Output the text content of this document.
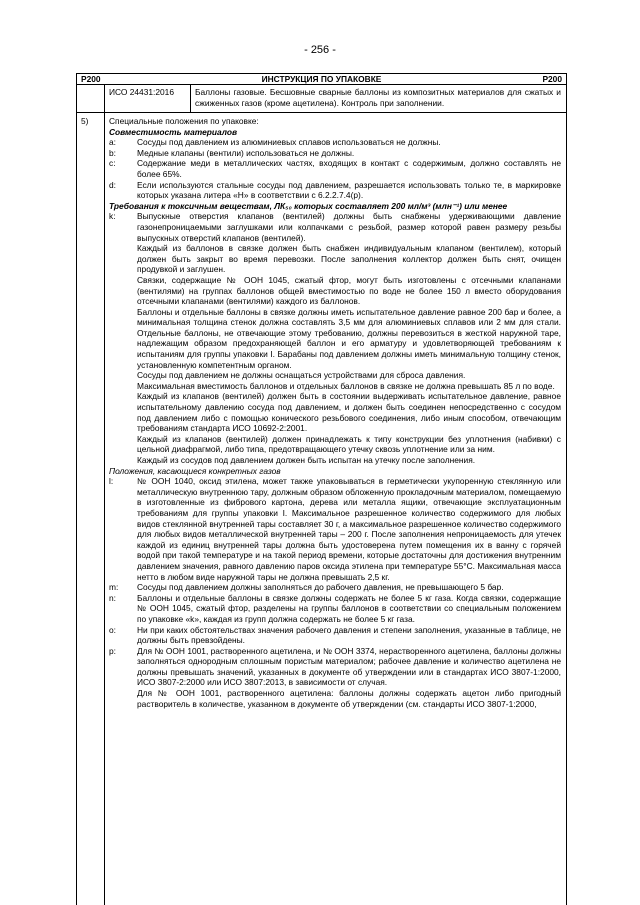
- 256 -
P200	ИНСТРУКЦИЯ ПО УПАКОВКЕ	P200
ИСО 24431:2016	Баллоны газовые. Бесшовные сварные баллоны из композитных материалов для сжатых и сжиженных газов (кроме ацетилена). Контроль при заполнении.
5) Специальные положения по упаковке:

Совместимость материалов

a:	Сосуды под давлением из алюминиевых сплавов использоваться не должны.
b:	Медные клапаны (вентили) использоваться не должны.
c:	Содержание меди в металлических частях, входящих в контакт с содержимым, должно составлять не более 65%.
d:	Если используются стальные сосуды под давлением, разрешается использовать только те, в маркировке которых указана литера «H» в соответствии с 6.2.2.7.4(p).

Требования к токсичным веществам, ЛК₅₀ которых составляет 200 мл/м³ (млн⁻¹) или менее

k:	Выпускные отверстия клапанов (вентилей) должны быть снабжены удерживающими давление газонепроницаемыми заглушками или колпачками с резьбой, размер которой равен размеру резьбы выпускных отверстий клапанов (вентилей).

Каждый из баллонов в связке должен быть снабжен индивидуальным клапаном (вентилем), который должен быть закрыт во время перевозки. После заполнения коллектор должен быть снят, очищен продувкой и заглушен.

Связки, содержащие № ООН 1045, сжатый фтор, могут быть изготовлены с отсечными клапанами (вентилями) на группах баллонов общей вместимостью по воде не более 150 л вместо оборудования отсечными клапанами (вентилями) каждого из баллонов.

Баллоны и отдельные баллоны в связке должны иметь испытательное давление равное 200 бар и более, а минимальная толщина стенок должна составлять 3,5 мм для алюминиевых сплавов или 2 мм для стали. Отдельные баллоны, не отвечающие этому требованию, должны перевозиться в жесткой наружной таре, надлежащим образом предохраняющей баллон и его арматуру и удовлетворяющей требованиям к испытаниям для группы упаковки I. Барабаны под давлением должны иметь минимальную толщину стенок, установленную компетентным органом.

Сосуды под давлением не должны оснащаться устройствами для сброса давления.

Максимальная вместимость баллонов и отдельных баллонов в связке не должна превышать 85 л по воде.

Каждый из клапанов (вентилей) должен быть в состоянии выдерживать испытательное давление, равное испытательному давлению сосуда под давлением, и должен быть соединен непосредственно с сосудом под давлением либо с помощью конического резьбового соединения, либо иным способом, отвечающим требованиям стандарта ИСО 10692-2:2001.

Каждый из клапанов (вентилей) должен принадлежать к типу конструкции без уплотнения (набивки) с цельной диафрагмой, либо типа, предотвращающего утечку сквозь уплотнение или за ним.

Каждый из сосудов под давлением должен быть испытан на утечку после заполнения.

Положения, касающиеся конкретных газов

l:	№ ООН 1040, оксид этилена, может также упаковываться в герметически укупоренную стеклянную или металлическую внутреннюю тару, должным образом обложенную прокладочным материалом, помещаемую в изготовленные из фибрового картона, дерева или металла ящики, отвечающие эксплуатационным требованиям для группы упаковки I. Максимальное разрешенное количество содержимого для любых видов стеклянной внутренней тары составляет 30 г, а максимальное разрешенное количество содержимого для любых видов металлической внутренней тары – 200 г. После заполнения непроницаемость для утечек каждой из единиц внутренней тары должна быть удостоверена путем помещения их в ванну с горячей водой при такой температуре и на такой период времени, которые достаточны для достижения внутренним давлением значения, равного давлению паров оксида этилена при температуре 55°C. Максимальная масса нетто в любом виде наружной тары не должна превышать 2,5 кг.
m: Сосуды под давлением должны заполняться до рабочего давления, не превышающего 5 бар.
n:	Баллоны и отдельные баллоны в связке должны содержать не более 5 кг газа. Когда связки, содержащие № ООН 1045, сжатый фтор, разделены на группы баллонов в соответствии со специальным положением по упаковке «k», каждая из групп должна содержать не более 5 кг газа.
o:	Ни при каких обстоятельствах значения рабочего давления и степени заполнения, указанные в таблице, не должны быть превзойдены.
p:	Для № ООН 1001, растворенного ацетилена, и № ООН 3374, нерастворенного ацетилена, баллоны должны заполняться однородным сплошным пористым материалом; рабочее давление и количество ацетилена не должны превышать значений, указанных в документе об утверждении или в стандартах ИСО 3807-1:2000, ИСО 3807-2:2000 или ИСО 3807:2013, в зависимости от случая.

Для № ООН 1001, растворенного ацетилена: баллоны должны содержать ацетон либо пригодный растворитель в количестве, указанном в документе об утверждении (см. стандарты ИСО 3807-1:2000,
